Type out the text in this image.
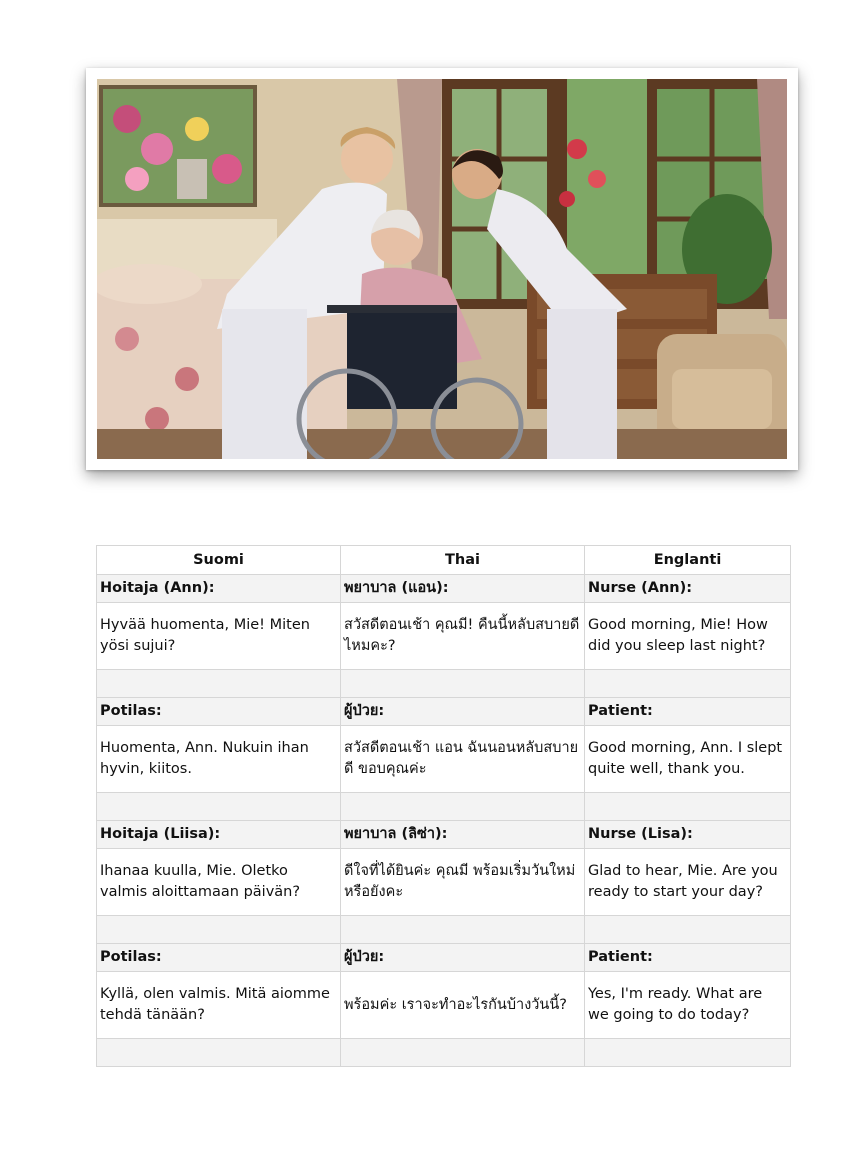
Suomi	Thai	Englanti
Hoitaja (Ann):	พยาบาล (แอน):	Nurse (Ann):
Hyvää huomenta, Mie! Miten yösi sujui?	สวัสดีตอนเช้า คุณมี! คืนนี้หลับสบายดีไหมคะ?	Good morning, Mie! How did you sleep last night?

Potilas:	ผู้ป่วย:	Patient:
Huomenta, Ann. Nukuin ihan hyvin, kiitos.	สวัสดีตอนเช้า แอน ฉันนอนหลับสบายดี ขอบคุณค่ะ	Good morning, Ann. I slept quite well, thank you.

Hoitaja (Liisa):	พยาบาล (ลิซ่า):	Nurse (Lisa):
Ihanaa kuulla, Mie. Oletko valmis aloittamaan päivän?	ดีใจที่ได้ยินค่ะ คุณมี พร้อมเริ่มวันใหม่หรือยังคะ	Glad to hear, Mie. Are you ready to start your day?

Potilas:	ผู้ป่วย:	Patient:
Kyllä, olen valmis. Mitä aiomme tehdä tänään?	พร้อมค่ะ เราจะทำอะไรกันบ้างวันนี้?	Yes, I'm ready. What are we going to do today?
